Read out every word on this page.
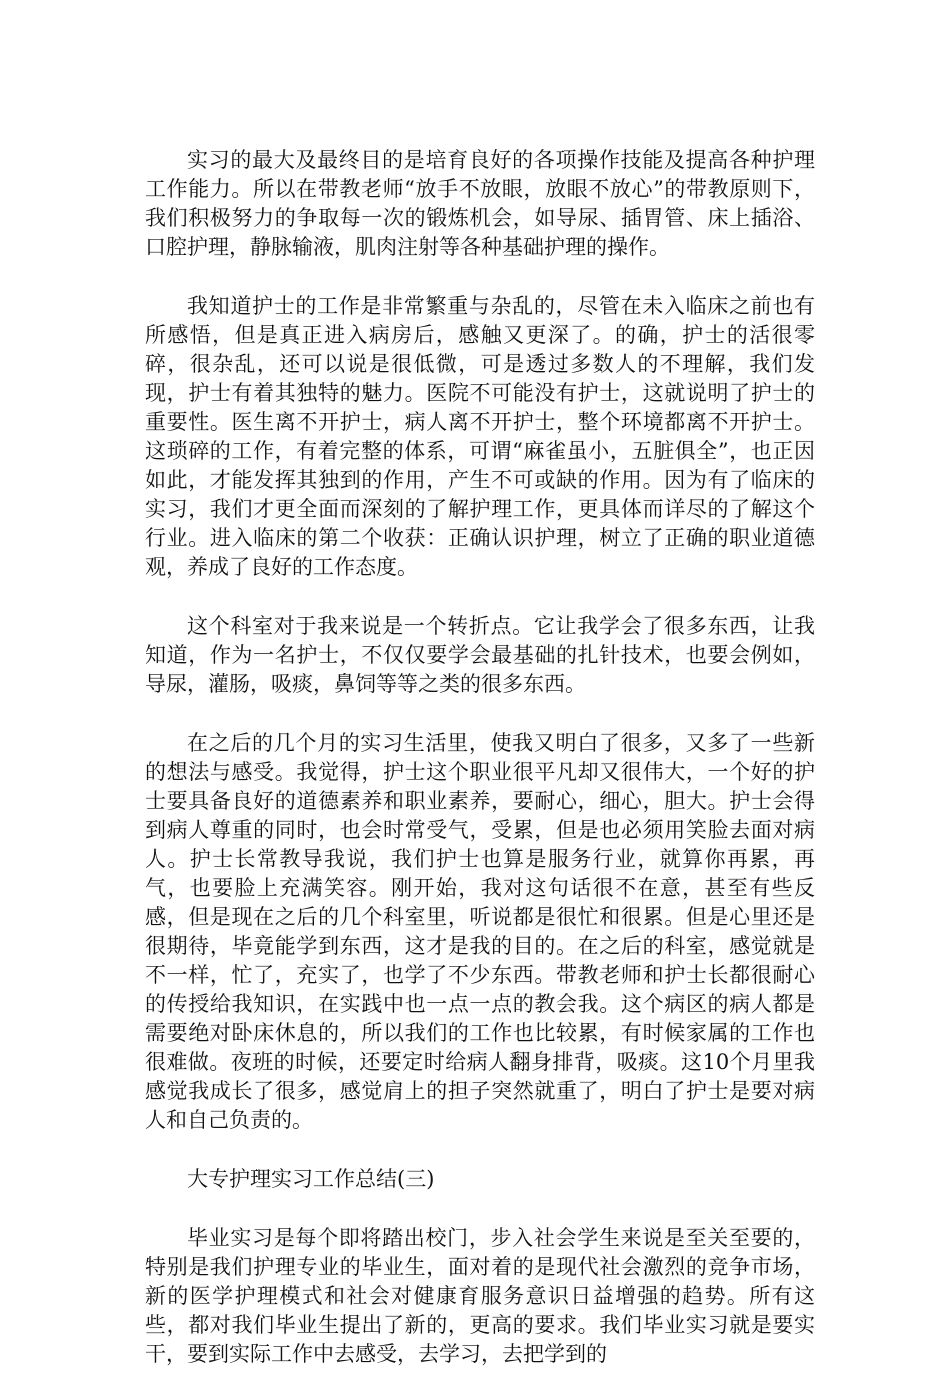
实习的最大及最终目的是培育良好的各项操作技能及提高各种护理工作能力。所以在带教老师“放手不放眼，放眼不放心”的带教原则下，我们积极努力的争取每一次的锻炼机会，如导尿、插胃管、床上插浴、口腔护理，静脉输液，肌肉注射等各种基础护理的操作。

我知道护士的工作是非常繁重与杂乱的，尽管在未入临床之前也有所感悟，但是真正进入病房后，感触又更深了。的确，护士的活很零碎，很杂乱，还可以说是很低微，可是透过多数人的不理解，我们发现，护士有着其独特的魅力。医院不可能没有护士，这就说明了护士的重要性。医生离不开护士，病人离不开护士，整个环境都离不开护士。这琐碎的工作，有着完整的体系，可谓“麻雀虽小，五脏俱全”，也正因如此，才能发挥其独到的作用，产生不可或缺的作用。因为有了临床的实习，我们才更全面而深刻的了解护理工作，更具体而详尽的了解这个行业。进入临床的第二个收获：正确认识护理，树立了正确的职业道德观，养成了良好的工作态度。

这个科室对于我来说是一个转折点。它让我学会了很多东西，让我知道，作为一名护士，不仅仅要学会最基础的扎针技术，也要会例如，导尿，灌肠，吸痰，鼻饲等等之类的很多东西。

在之后的几个月的实习生活里，使我又明白了很多，又多了一些新的想法与感受。我觉得，护士这个职业很平凡却又很伟大，一个好的护士要具备良好的道德素养和职业素养，要耐心，细心，胆大。护士会得到病人尊重的同时，也会时常受气，受累，但是也必须用笑脸去面对病人。护士长常教导我说，我们护士也算是服务行业，就算你再累，再气，也要脸上充满笑容。刚开始，我对这句话很不在意，甚至有些反感，但是现在之后的几个科室里，听说都是很忙和很累。但是心里还是很期待，毕竟能学到东西，这才是我的目的。在之后的科室，感觉就是不一样，忙了，充实了，也学了不少东西。带教老师和护士长都很耐心的传授给我知识，在实践中也一点一点的教会我。这个病区的病人都是需要绝对卧床休息的，所以我们的工作也比较累，有时候家属的工作也很难做。夜班的时候，还要定时给病人翻身排背，吸痰。这10个月里我感觉我成长了很多，感觉肩上的担子突然就重了，明白了护士是要对病人和自己负责的。

大专护理实习工作总结(三)

毕业实习是每个即将踏出校门，步入社会学生来说是至关至要的，特别是我们护理专业的毕业生，面对着的是现代社会激烈的竞争市场，新的医学护理模式和社会对健康育服务意识日益增强的趋势。所有这些，都对我们毕业生提出了新的，更高的要求。我们毕业实习就是要实干，要到实际工作中去感受，去学习，去把学到的
